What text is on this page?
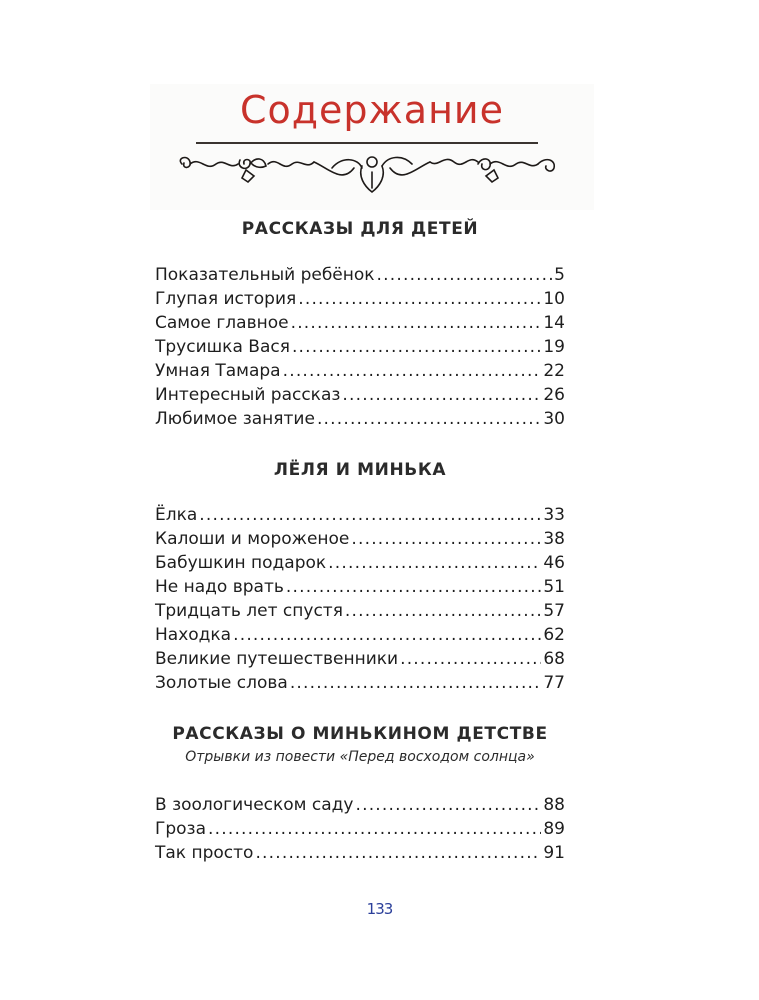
Содержание
РАССКАЗЫ ДЛЯ ДЕТЕЙ
Показательный ребёнок .....	5
Глупая история .....	10
Самое главное .....	14
Трусишка Вася .....	19
Умная Тамара .....	22
Интересный рассказ .....	26
Любимое занятие .....	30
ЛЁЛЯ И МИНЬКА
Ёлка .....	33
Калоши и мороженое .....	38
Бабушкин подарок .....	46
Не надо врать .....	51
Тридцать лет спустя .....	57
Находка .....	62
Великие путешественники .....	68
Золотые слова .....	77
РАССКАЗЫ О МИНЬКИНОМ ДЕТСТВЕ
Отрывки из повести «Перед восходом солнца»
В зоологическом саду .....	88
Гроза .....	89
Так просто .....	91
133
